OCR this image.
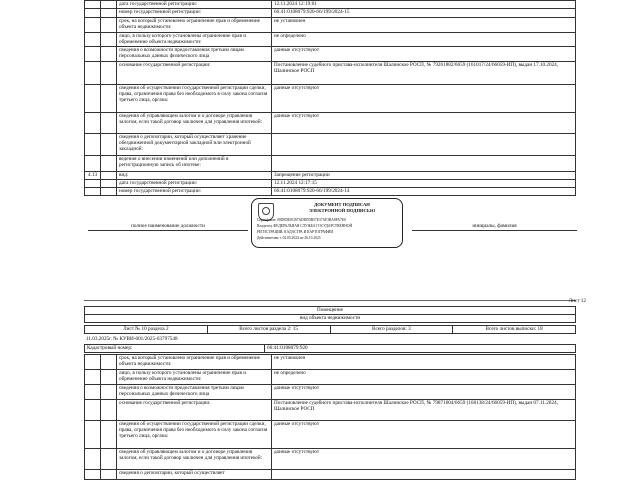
		дата государственной регистрации:	12.11.2024 12:19:01
		номер государственной регистрации:	66:41:0108079:920-66/199/2024-15
		срок, на который установлено ограничение прав и обременение объекта недвижимости:	не установлен
		лицо, в пользу которого установлены ограничение прав и обременение объекта недвижимости:	не определено
		сведения о возможности предоставления третьим лицам персональных данных физического лица	данные отсутствуют
		основание государственной регистрации:	Постановление судебного пристава-исполнителя Шалинское РОСП, № 79261882/6659 (161017/24/66059-ИП), выдан 17.10.2024, Шалинское РОСП
		сведения об осуществлении государственной регистрации сделки, права, ограничения права без необходимого в силу закона согласия третьего лица, органа:	данные отсутствуют
		сведения об управляющем залогом и о договоре управления залогом, если такой договор заключен для управления ипотекой:	данные отсутствуют
		сведения о депозитарии, который осуществляет хранение обездвиженной документарной закладной или электронной закладной:	
		ведения о внесении изменений или дополнений в регистрационную запись об ипотеке:	
4.13		вид:	Запрещение регистрации
		дата государственной регистрации:	12.11.2024 12:17:15
		номер государственной регистрации:	66:41:0108079:920-66/199/2024-14
полное наименование должности	инициалы, фамилия
ДОКУМЕНТ ПОДПИСАН
ЭЛЕКТРОННОЙ ПОДПИСЬЮ
Сертификат: 00DFDE0CB7ADDD5B57E37AF3BA8FA7E0
Владелец: ФЕДЕРАЛЬНАЯ СЛУЖБА ГОСУДАРСТВЕННОЙ
РЕГИСТРАЦИИ, КАДАСТРА И КАРТОГРАФИИ
Действителен: с 02.05.2024 по 26.10.2025
Лист 12
Помещение
вид объекта недвижимости
Лист № 10 раздела 2	Всего листов раздела 2: 15	Всего разделов: 3	Всего листов выписки: 18
11.03.2025г. № КУВИ-001/2025-63797548
Кадастровый номер:	66:41:0108079:920
		срок, на который установлено ограничение прав и обременение объекта недвижимости:	не установлен
		лицо, в пользу которого установлены ограничение прав и обременение объекта недвижимости:	не определено
		сведения о возможности предоставления третьим лицам персональных данных физического лица	данные отсутствуют
		основание государственной регистрации:	Постановление судебного пристава-исполнителя Шалинское РОСП, № 79871004/6659 (168138/24/66059-ИП), выдан 07.11.2024, Шалинское РОСП
		сведения об осуществлении государственной регистрации сделки, права, ограничения права без необходимого в силу закона согласия третьего лица, органа:	данные отсутствуют
		сведения об управляющем залогом и о договоре управления залогом, если такой договор заключен для управления ипотекой:	данные отсутствуют
		сведения о депозитарии, который осуществляет	
